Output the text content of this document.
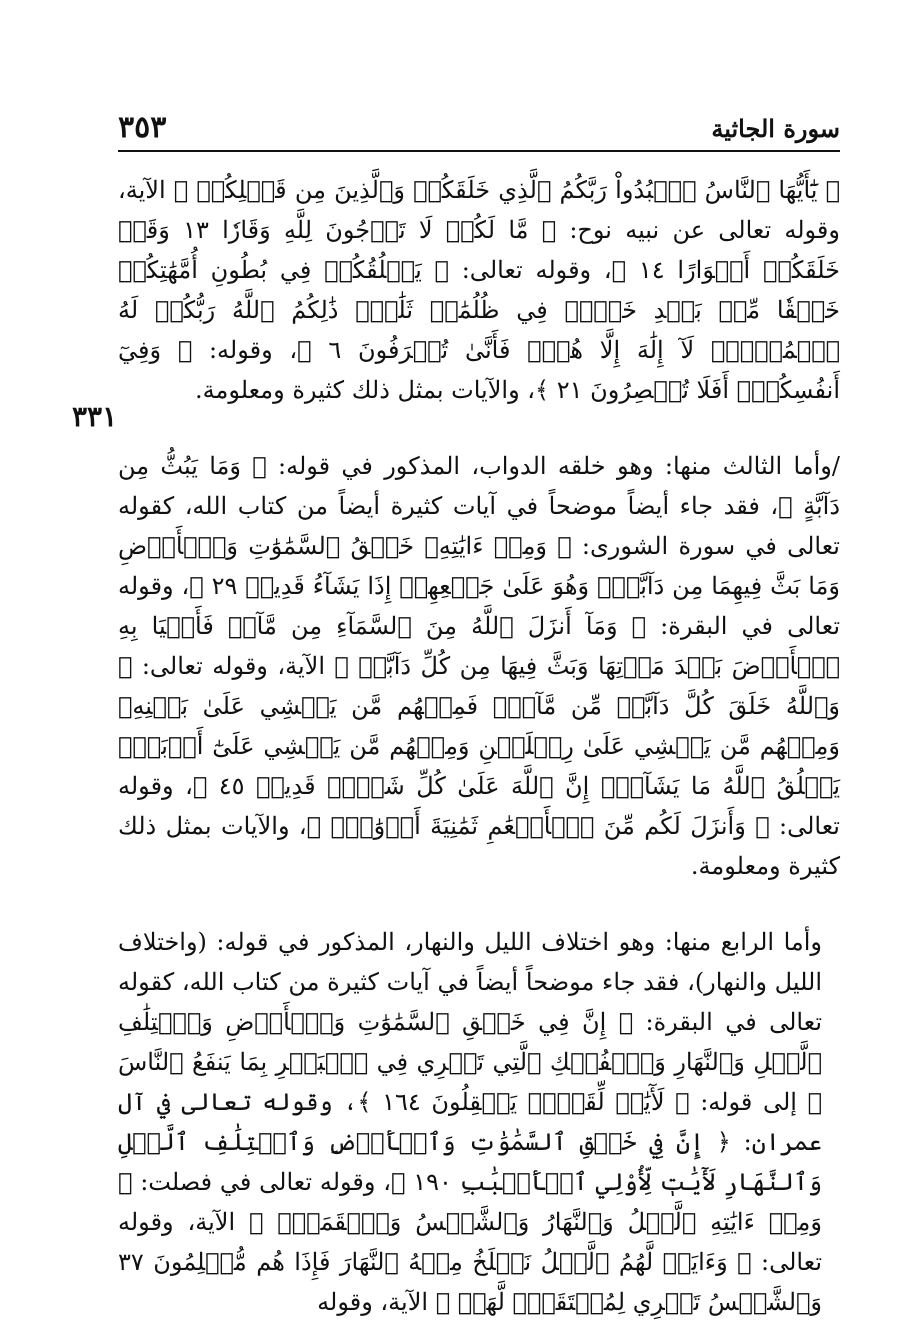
سورة الجاثية
٣٥٣
٣٣١

﴿ يَٰٓأَيُّهَا ٱلنَّاسُ ٱعۡبُدُواْ رَبَّكُمُ ٱلَّذِي خَلَقَكُمۡ وَٱلَّذِينَ مِن قَبۡلِكُمۡ ﴾ الآية، وقوله تعالى عن نبيه نوح: ﴿ مَّا لَكُمۡ لَا تَرۡجُونَ لِلَّهِ وَقَارٗا ١٣ وَقَدۡ خَلَقَكُمۡ أَطۡوَارًا ١٤ ﴾، وقوله تعالى: ﴿ يَخۡلُقُكُمۡ فِي بُطُونِ أُمَّهَٰتِكُمۡ خَلۡقٗا مِّنۢ بَعۡدِ خَلۡقٖ فِي ظُلُمَٰتٖ ثَلَٰثٖۚ ذَٰلِكُمُ ٱللَّهُ رَبُّكُمۡ لَهُ ٱلۡمُلۡكُۖ لَآ إِلَٰهَ إِلَّا هُوَۖ فَأَنَّىٰ تُصۡرَفُونَ ٦ ﴾، وقوله: ﴿ وَفِيٓ أَنفُسِكُمۡۚ أَفَلَا تُبۡصِرُونَ ٢١ ﴾، والآيات بمثل ذلك كثيرة ومعلومة.

/وأما الثالث منها: وهو خلقه الدواب، المذكور في قوله: ﴿ وَمَا يَبُثُّ مِن دَآبَّةٍ ﴾، فقد جاء أيضاً موضحاً في آيات كثيرة أيضاً من كتاب الله، كقوله تعالى في سورة الشورى: ﴿ وَمِنۡ ءَايَٰتِهِۦ خَلۡقُ ٱلسَّمَٰوَٰتِ وَٱلۡأَرۡضِ وَمَا بَثَّ فِيهِمَا مِن دَآبَّةٖۚ وَهُوَ عَلَىٰ جَمۡعِهِمۡ إِذَا يَشَآءُ قَدِيرٞ ٢٩ ﴾، وقوله تعالى في البقرة: ﴿ وَمَآ أَنزَلَ ٱللَّهُ مِنَ ٱلسَّمَآءِ مِن مَّآءٖ فَأَحۡيَا بِهِ ٱلۡأَرۡضَ بَعۡدَ مَوۡتِهَا وَبَثَّ فِيهَا مِن كُلِّ دَآبَّةٖ ﴾ الآية، وقوله تعالى: ﴿ وَٱللَّهُ خَلَقَ كُلَّ دَآبَّةٖ مِّن مَّآءٖۖ فَمِنۡهُم مَّن يَمۡشِي عَلَىٰ بَطۡنِهِۦ وَمِنۡهُم مَّن يَمۡشِي عَلَىٰ رِجۡلَيۡنِ وَمِنۡهُم مَّن يَمۡشِي عَلَىٰٓ أَرۡبَعٖۚ يَخۡلُقُ ٱللَّهُ مَا يَشَآءُۚ إِنَّ ٱللَّهَ عَلَىٰ كُلِّ شَيۡءٖ قَدِيرٞ ٤٥ ﴾، وقوله تعالى: ﴿ وَأَنزَلَ لَكُم مِّنَ ٱلۡأَنۡعَٰمِ ثَمَٰنِيَةَ أَزۡوَٰجٖۚ ﴾، والآيات بمثل ذلك كثيرة ومعلومة.

وأما الرابع منها: وهو اختلاف الليل والنهار، المذكور في قوله: (واختلاف الليل والنهار)، فقد جاء موضحاً أيضاً في آيات كثيرة من كتاب الله، كقوله تعالى في البقرة: ﴿ إِنَّ فِي خَلۡقِ ٱلسَّمَٰوَٰتِ وَٱلۡأَرۡضِ وَٱخۡتِلَٰفِ ٱلَّيۡلِ وَٱلنَّهَارِ وَٱلۡفُلۡكِ ٱلَّتِي تَجۡرِي فِي ٱلۡبَحۡرِ بِمَا يَنفَعُ ٱلنَّاسَ ﴾ إلى قوله: ﴿ لَأٓيَٰتٖ لِّقَوۡمٖ يَعۡقِلُونَ ١٦٤ ﴾، وقوله تعالى في آل عمران: ﴿ إِنَّ فِي خَلۡقِ ٱلسَّمَٰوَٰتِ وَٱلۡأَرۡضِ وَٱخۡتِلَٰفِ ٱلَّيۡلِ وَٱلنَّهَارِ لَأٓيَٰتٖ لِّأُوْلِي ٱلۡأَلۡبَٰبِ ١٩٠ ﴾، وقوله تعالى في فصلت: ﴿ وَمِنۡ ءَايَٰتِهِ ٱلَّيۡلُ وَٱلنَّهَارُ وَٱلشَّمۡسُ وَٱلۡقَمَرُۚ ﴾ الآية، وقوله تعالى: ﴿ وَءَايَةٞ لَّهُمُ ٱلَّيۡلُ نَسۡلَخُ مِنۡهُ ٱلنَّهَارَ فَإِذَا هُم مُّظۡلِمُونَ ٣٧ وَٱلشَّمۡسُ تَجۡرِي لِمُسۡتَقَرّٖ لَّهَاۚ ﴾ الآية، وقوله
